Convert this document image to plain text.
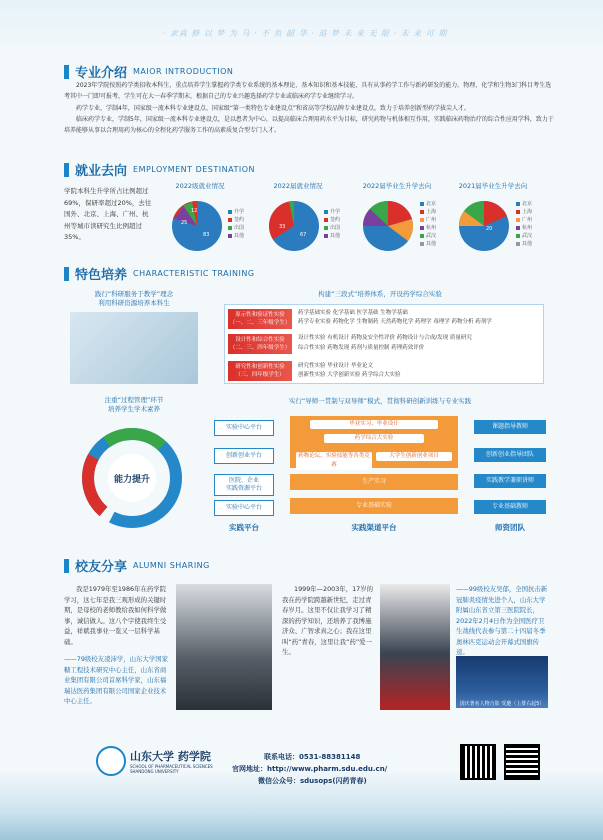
· 求真 修 以 梦 为 马 · 不 负 韶 华 · 追 梦 未 来 无 限 · 未 来 可 期
专业介绍 MAIOR INTRODUCTION
2023年学院按照药学类招收本科生，重点培养学生掌握药学类专业系统的基本理论、基本知识和基本技能，具有从事药学工作与新药研发的能力。物理、化学和生物3门科目考生选考其中一门即可报考，学生可在大一春季学期末，根据自己的专业兴趣选择药学专业或临床药学专业继续学习。
药学专业，学制4年，国家级一流本科专业建设点、国家级“第一类特色专业建设点”和省高等学校品牌专业建设点，致力于培养创新型药学拔尖人才。
临床药学专业，学制5年，国家级一流本科专业建设点，是以患者为中心，以提高临床合理用药水平为目标，研究药物与机体相互作用，实践临床药物治疗的综合性应用学科，致力于培养能够从事以合理用药为核心的全程化药学服务工作的高素质复合型专门人才。
就业去向 EMPLOYMENT DESTINATION
学院本科生升学所占比例超过69%，保研率超过20%，去往国外、北京、上海、广州、杭州等城市读研究生比例超过35%。
2022级就业情况	2022届就业情况	2022届毕业生升学去向	2021届毕业生升学去向
25
83
12
33
67
20
升学
签约
出国
其他
升学
签约
出国
其他
北京
上海
广州
杭州
武汉
其他
北京
上海
广州
杭州
武汉
其他
特色培养 CHARACTERISTIC TRAINING
践行“科研服务于教学”理念
利用科研资源培养本科生
构建“三段式”培养体系，开设药学综合实验
原示性和验证性实验
（一、二、三年级学生）
药学基础实验 化学基础 医学基础 生物学基础
药学专业实验 药物化学 生物制药 天然药物化学 药理学 毒理学 药物分析 药剂学
设计性和综合性实验
（二、三、四年级学生）
设计性实验 有机设计 药物及安全性评价 药物设计与合成/发现 质量研究
综合性实验 药物发现 药剂与质量控制 药理药效评价
研究性和创新性实验
（三、四年级学生）
研究性实验 毕业设计 毕业论文
创新性实验 大学创新实验 药学综合大实验
注重“过程管理”环节
培养学生学术素养
能力提升
实行“导师一贯制与双导师”模式，贯彻科研创新训练与专业实践
实验中心平台
创新创业平台
医院、企业
实践资源平台
实验中心平台
毕业实习、毕业设计
药学综合大实验
药物论坛、实验技能等各类竞赛
大学生创新创业项目
生产实习
专业基础实验
课题指导教师
创新创业指导团队
实践教学兼职讲师
专业基础教师
实践平台	实践渠道平台	师资团队
校友分享 ALUMNI SHARING
我是1979年至1986年在药学院学习，这七年是我三观形成的关键时期，是母校的老师教给我如何科学做事，诚信做人。这八个字使我终生受益，祥斌我事业一览又一层科学基础。
——79级校友凌沛学，山东大学国家糖工程技术研究中心主任，山东省商业集团有限公司首席科学家，山东福瑞达医药集团有限公司国家企业技术中心主任。
1999年—2003年，17岁的我在药学院跨越新世纪，走过青春岁月。这里不仅让我学习了精深的药学知识，还培养了我博施济众、广智求真之心；我在这里叫“药”青春，这里让我“药”爱一生。
——99级校友吴郁，全国抗击新冠肺炎疫情先进个人，山东大学附属山东省立第三医院院长，2022年2月4日作为全国医疗卫生战线代表参与第二十四届冬季奥林匹克运动会开幕式国旗传递。
国庆著名人物合影 受邀（上排右起5）
山东大学 药学院
SCHOOL OF PHARMACEUTICAL SCIENCES
SHANDONG UNIVERSITY
联系电话：0531-88381148
官网地址：http://www.pharm.sdu.edu.cn/
微信公众号：sdusops(闪药青春)
